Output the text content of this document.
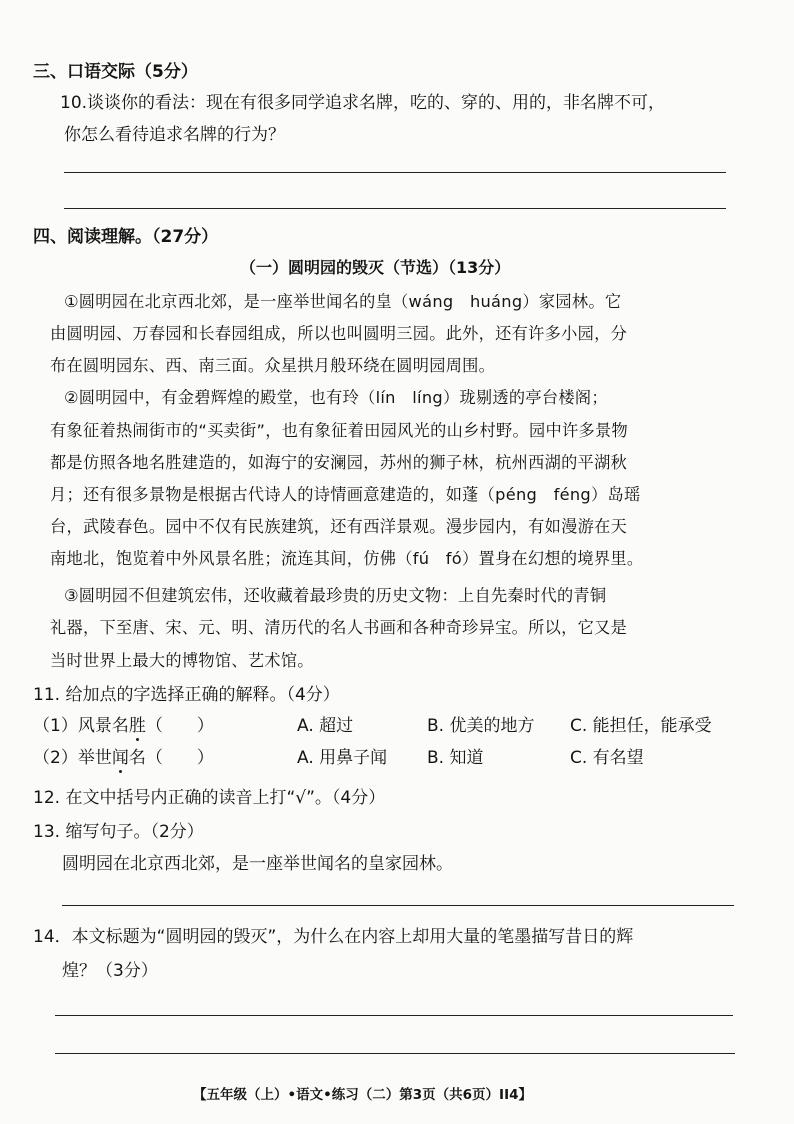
三、口语交际（5分）
10.谈谈你的看法：现在有很多同学追求名牌，吃的、穿的、用的，非名牌不可，
你怎么看待追求名牌的行为？
四、阅读理解。（27分）
（一）圆明园的毁灭（节选）（13分）
①圆明园在北京西北郊，是一座举世闻名的皇（wáng　huáng）家园林。它
由圆明园、万春园和长春园组成，所以也叫圆明三园。此外，还有许多小园，分
布在圆明园东、西、南三面。众星拱月般环绕在圆明园周围。
②圆明园中，有金碧辉煌的殿堂，也有玲（lín　líng）珑剔透的亭台楼阁；
有象征着热闹街市的“买卖街”，也有象征着田园风光的山乡村野。园中许多景物
都是仿照各地名胜建造的，如海宁的安澜园，苏州的狮子林，杭州西湖的平湖秋
月；还有很多景物是根据古代诗人的诗情画意建造的，如蓬（péng　féng）岛瑶
台，武陵春色。园中不仅有民族建筑，还有西洋景观。漫步园内，有如漫游在天
南地北，饱览着中外风景名胜；流连其间，仿佛（fú　fó）置身在幻想的境界里。
③圆明园不但建筑宏伟，还收藏着最珍贵的历史文物：上自先秦时代的青铜
礼器，下至唐、宋、元、明、清历代的名人书画和各种奇珍异宝。所以，它又是
当时世界上最大的博物馆、艺术馆。
11. 给加点的字选择正确的解释。（4分）
（1）风景名胜（　　）	A. 超过	B. 优美的地方 C. 能担任，能承受
（2）举世闻名（　　）	A. 用鼻子闻 B. 知道	C. 有名望
12. 在文中括号内正确的读音上打“√”。（4分）
13. 缩写句子。（2分）
圆明园在北京西北郊，是一座举世闻名的皇家园林。
14．本文标题为“圆明园的毁灭”，为什么在内容上却用大量的笔墨描写昔日的辉
煌？（3分）
【五年级（上）•语文•练习（二）第3页（共6页）II4】
